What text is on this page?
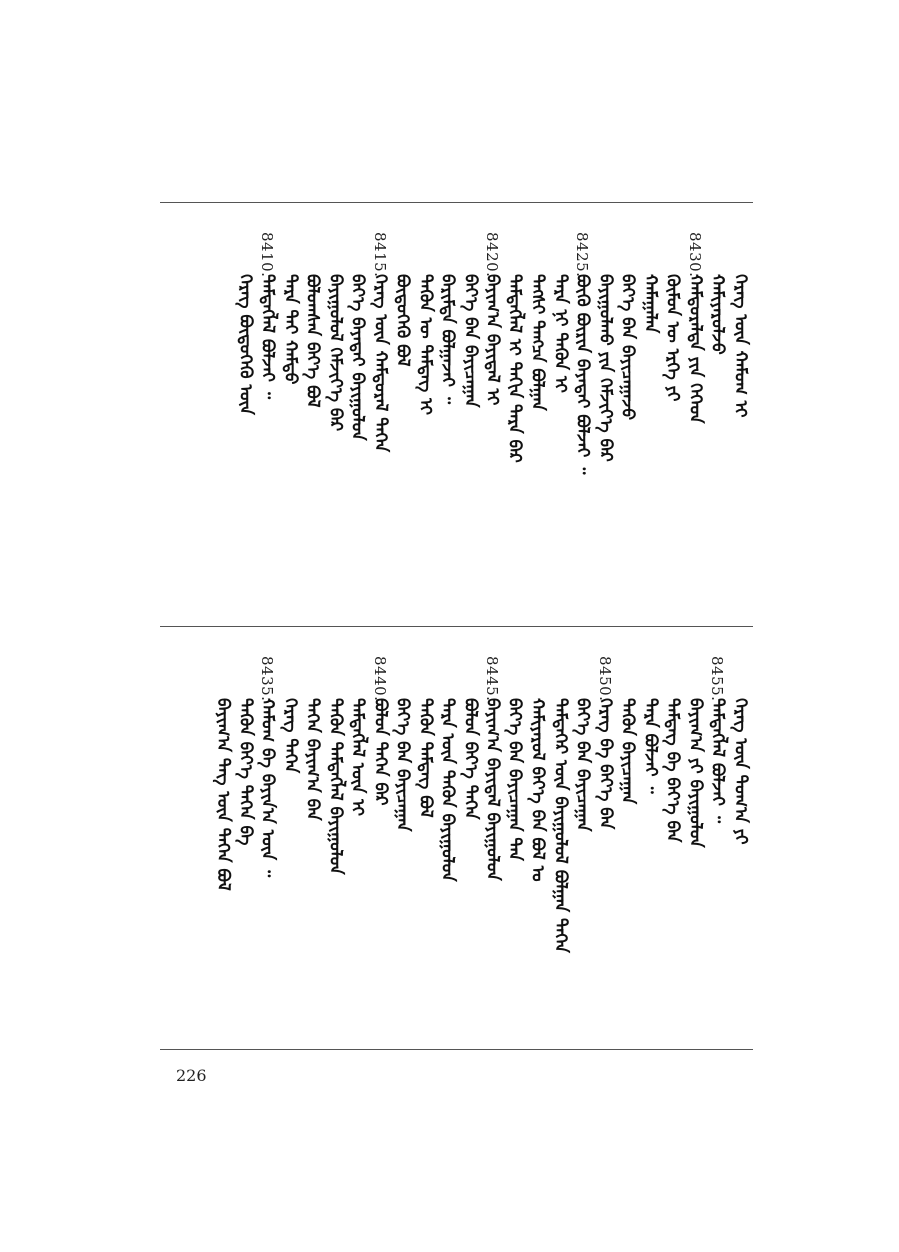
ᠬᠡᠷᠡᠭ ᠦᠨ ᠬᠠᠮᠤᠭ ᠢ
ᠬᠠᠮᠢᠶᠠᠷᠤᠯᠵᠤ
8430.
ᠬᠠᠮᠲᠤᠷᠠᠯᠲᠠ ᠶᠢᠨ ᠬᠡᠭᠡᠳ
ᠬᠦᠮᠦᠨ ᠦ ᠡᠷᠬᠡ ᠶᠢ
ᠬᠠᠮᠠᠭᠠᠯᠠᠨ
ᠪᠡᠶ᠎ᠡ ᠪᠡᠨ ᠪᠠᠶᠢᠴᠠᠭᠠᠵᠤ
ᠪᠠᠶᠢᠭᠤᠯᠬᠤ ᠶᠢᠨ ᠬᠡᠮᠵᠢᠶ᠎ᠡ ᠪᠡᠷ
8425.
ᠪᠦᠬᠦ ᠪᠦᠷᠢᠨ ᠪᠡᠶᠡᠲᠡᠢ ᠪᠣᠯᠵᠠᠢ ᠃
ᠲᠡᠷᠡ ᠨᠢ ᠲᠡᠭᠦᠨ ᠢ
ᠲᠡᠭᠰᠢ ᠲᠡᠩᠴᠡ ᠪᠣᠯᠭᠠᠨ
ᠲᠡᠮᠳᠡᠭᠯᠡᠯ ᠢ ᠲᠡᠬᠢᠨ ᠲᠡᠷᠡ ᠪᠡᠷ
8420.
ᠪᠠᠶᠢᠭ᠎ᠠ ᠪᠠᠶᠢᠳᠠᠯ ᠢ
ᠪᠡᠶ᠎ᠡ ᠪᠡᠨ ᠪᠠᠶᠢᠴᠠᠭᠠᠨ
ᠪᠠᠷᠢᠮᠲᠠ ᠪᠣᠯᠭᠠᠵᠠᠢ ᠃
ᠲᠡᠭᠦᠨ ᠦ ᠲᠡᠮᠳᠡᠭ ᠢ
ᠪᠦᠲᠦᠭᠡᠬᠦ ᠪᠣᠯ
8415.
ᠬᠡᠷᠡᠭ ᠦᠨ ᠬᠠᠮᠲᠤᠷᠠᠯ ᠲᠡᠭᠡᠨ
ᠪᠡᠶ᠎ᠡ ᠪᠡᠶᠡᠲᠡᠢ ᠪᠠᠶᠢᠭᠤᠯᠤᠨ
ᠪᠠᠶᠢᠭᠤᠯᠤᠯ ᠬᠡᠮᠵᠢᠶ᠎ᠡ ᠪᠡᠷ
ᠪᠣᠯᠣᠭᠰᠠᠨ ᠪᠡᠶ᠎ᠡ ᠪᠣᠯ
ᠲᠡᠷᠡ ᠲᠠᠢ ᠬᠠᠮᠲᠤ
8410.
ᠲᠡᠮᠳᠡᠭᠯᠡᠯ ᠪᠣᠯᠵᠠᠢ ᠃
ᠬᠡᠷᠡᠭ ᠪᠦᠲᠦᠭᠡᠬᠦ ᠦᠨ
ᠬᠡᠷᠡᠭ ᠦᠨ ᠲᠣᠭ᠎ᠠ ᠶᠢ
8455.
ᠲᠡᠮᠳᠡᠭᠯᠡᠯ ᠪᠣᠯᠵᠠᠢ ᠃
ᠪᠠᠶᠢᠭ᠎ᠠ ᠶᠢ ᠪᠠᠶᠢᠭᠤᠯᠤᠨ
ᠲᠡᠮᠳᠡᠭ ᠪᠠ ᠪᠡᠶ᠎ᠡ ᠪᠠᠨ
ᠲᠡᠷᠡ ᠪᠣᠯᠵᠠᠢ ᠃
ᠲᠡᠭᠦᠨ ᠪᠠᠶᠢᠴᠠᠭᠠᠨ
8450.
ᠬᠡᠷᠡᠭ ᠪᠠ ᠪᠡᠶ᠎ᠡ ᠪᠠᠨ
ᠪᠡᠶ᠎ᠡ ᠪᠡᠨ ᠪᠠᠶᠢᠴᠠᠭᠠᠨ
ᠲᠡᠮᠲᠡᠭᠡᠷ ᠦᠨ ᠪᠠᠶᠢᠭᠤᠯᠤᠯ ᠪᠣᠯᠭᠠᠨ ᠲᠡᠭᠡᠨ
ᠬᠠᠮᠢᠶᠠᠷᠤᠯ ᠪᠡᠶ᠎ᠡ ᠪᠡᠨ ᠪᠣᠯ ᠤ
ᠪᠡᠶ᠎ᠡ ᠪᠡᠨ ᠪᠠᠶᠢᠴᠠᠭᠠᠨ ᠲᠠᠨ
8445.
ᠪᠠᠶᠢᠭ᠎ᠠ ᠪᠠᠶᠢᠳᠠᠯ ᠪᠠᠶᠢᠭᠤᠯᠤᠨ
ᠪᠣᠯᠤᠨ ᠪᠡᠶ᠎ᠡ ᠲᠡᠭᠡᠨ
ᠲᠡᠷᠡ ᠦᠨ ᠲᠡᠭᠦᠨ ᠪᠠᠶᠢᠭᠤᠯᠤᠨ
ᠲᠡᠭᠦᠨ ᠲᠡᠮᠳᠡᠭ ᠪᠣᠯ
ᠪᠡᠶ᠎ᠡ ᠪᠡᠨ ᠪᠠᠶᠢᠴᠠᠭᠠᠨ
8440.
ᠪᠣᠯᠣᠨ ᠲᠡᠭᠡᠨ ᠪᠡᠷ
ᠲᠡᠮᠳᠡᠭᠯᠡᠯ ᠦᠨ ᠢ
ᠲᠡᠭᠦᠨ ᠲᠡᠮᠳᠡᠭᠯᠡᠯ ᠪᠠᠶᠢᠭᠤᠯᠤᠨ
ᠲᠡᠭᠡᠨ ᠪᠠᠶᠢᠭ᠎ᠠ ᠪᠠᠨ
ᠬᠡᠷᠡᠭ ᠲᠡᠭᠡᠨ
8435.
ᠬᠠᠮᠤᠭ ᠪᠠ ᠪᠠᠶᠢᠨ᠎ᠠ ᠦᠨ ᠃
ᠲᠡᠭᠦᠨ ᠪᠡᠶ᠎ᠡ ᠲᠡᠭᠡᠨ ᠪᠠ
ᠪᠠᠶᠢᠭ᠎ᠠ ᠲᠡᠭ ᠦᠨ ᠲᠡᠭᠡᠨ ᠪᠣᠯ
226
